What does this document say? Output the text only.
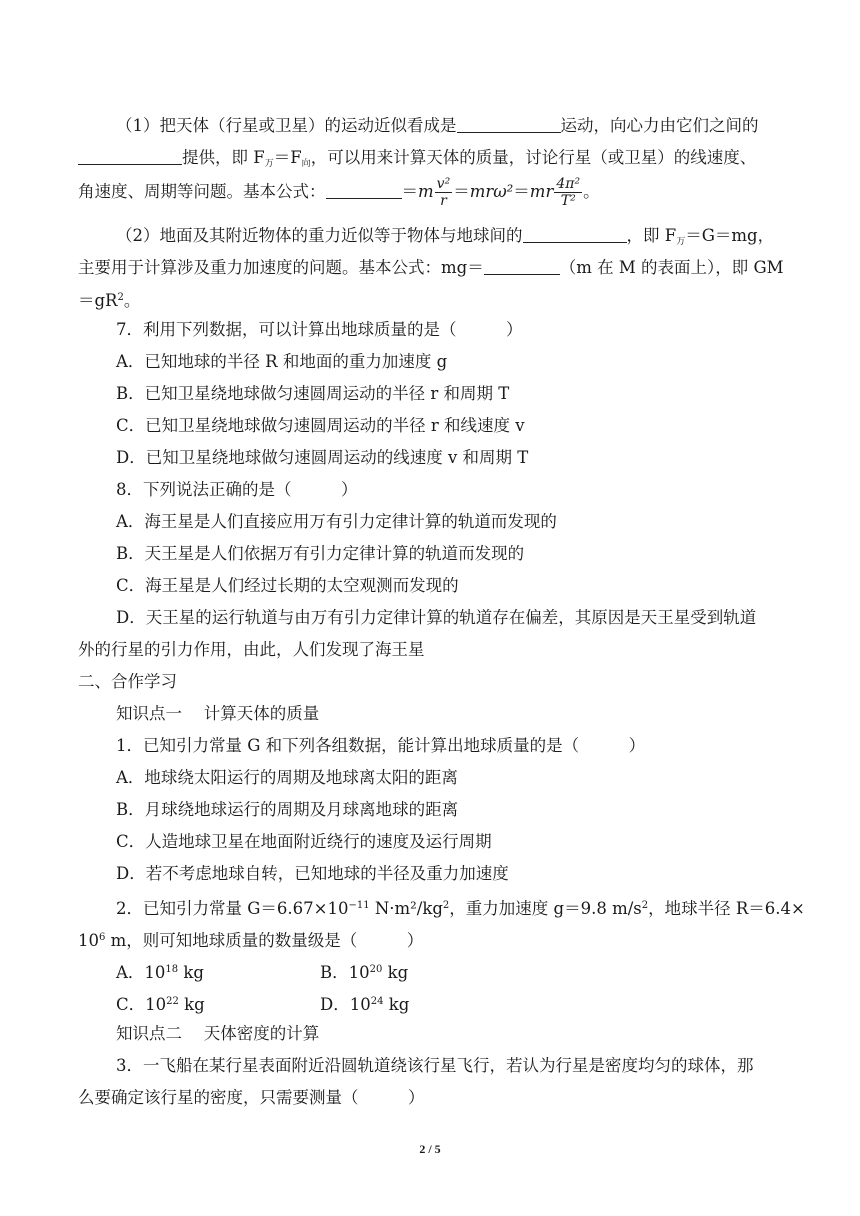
（1）把天体（行星或卫星）的运动近似看成是	运动，向心力由它们之间的
提供，即 $F_万=F_向$，可以用来计算天体的质量，讨论行星（或卫星）的线速度、
角速度、周期等问题。基本公式：	$=m \frac{\text{v²}}{r} =mr\omega^2=mr \frac{\text{4π²}}{\text{T²}}$ 。
（2）地面及其附近物体的重力近似等于物体与地球间的	，即 $F_万=G=mg$，
主要用于计算涉及重力加速度的问题。基本公式：mg＝	（m 在 M 的表面上），即 GM
$=gR^2$。
7．利用下列数据，可以计算出地球质量的是（　　　）
A．已知地球的半径 R 和地面的重力加速度 g
B．已知卫星绕地球做匀速圆周运动的半径 r 和周期 T
C．已知卫星绕地球做匀速圆周运动的半径 r 和线速度 v
D．已知卫星绕地球做匀速圆周运动的线速度 v 和周期 T
8．下列说法正确的是（　　　）
A．海王星是人们直接应用万有引力定律计算的轨道而发现的
B．天王星是人们依据万有引力定律计算的轨道而发现的
C．海王星是人们经过长期的太空观测而发现的
D．天王星的运行轨道与由万有引力定律计算的轨道存在偏差，其原因是天王星受到轨道
外的行星的引力作用，由此，人们发现了海王星
二、合作学习
知识点一　 计算天体的质量
1．已知引力常量 G 和下列各组数据，能计算出地球质量的是（　　　）
A．地球绕太阳运行的周期及地球离太阳的距离
B．月球绕地球运行的周期及月球离地球的距离
C．人造地球卫星在地面附近绕行的速度及运行周期
D．若不考虑地球自转，已知地球的半径及重力加速度
2．已知引力常量 $G=6.67\times 10^{-11}$ $N\cdot m^2/kg^2$，重力加速度 g＝9.8 $m/s^2$，地球半径 R＝6.4×
$10^6$ m，则可知地球质量的数量级是（　　　）
A．$10^{18}$ kg	B．$10^{20}$ kg
C．$10^{22}$ kg	D．$10^{24}$ kg
知识点二　 天体密度的计算
3．一飞船在某行星表面附近沿圆轨道绕该行星飞行，若认为行星是密度均匀的球体，那
么要确定该行星的密度，只需要测量（　　　）
2 / 5
